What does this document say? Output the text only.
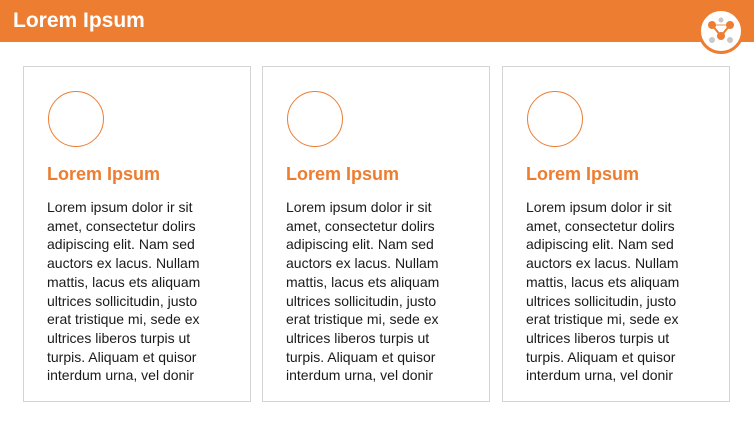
Lorem Ipsum
Lorem Ipsum
Lorem ipsum dolor ir sit
amet, consectetur dolirs
adipiscing elit. Nam sed
auctors ex lacus. Nullam
mattis, lacus ets aliquam
ultrices sollicitudin, justo
erat tristique mi, sede ex
ultrices liberos turpis ut
turpis. Aliquam et quisor
interdum urna, vel donir
Lorem Ipsum
Lorem ipsum dolor ir sit
amet, consectetur dolirs
adipiscing elit. Nam sed
auctors ex lacus. Nullam
mattis, lacus ets aliquam
ultrices sollicitudin, justo
erat tristique mi, sede ex
ultrices liberos turpis ut
turpis. Aliquam et quisor
interdum urna, vel donir
Lorem Ipsum
Lorem ipsum dolor ir sit
amet, consectetur dolirs
adipiscing elit. Nam sed
auctors ex lacus. Nullam
mattis, lacus ets aliquam
ultrices sollicitudin, justo
erat tristique mi, sede ex
ultrices liberos turpis ut
turpis. Aliquam et quisor
interdum urna, vel donir
